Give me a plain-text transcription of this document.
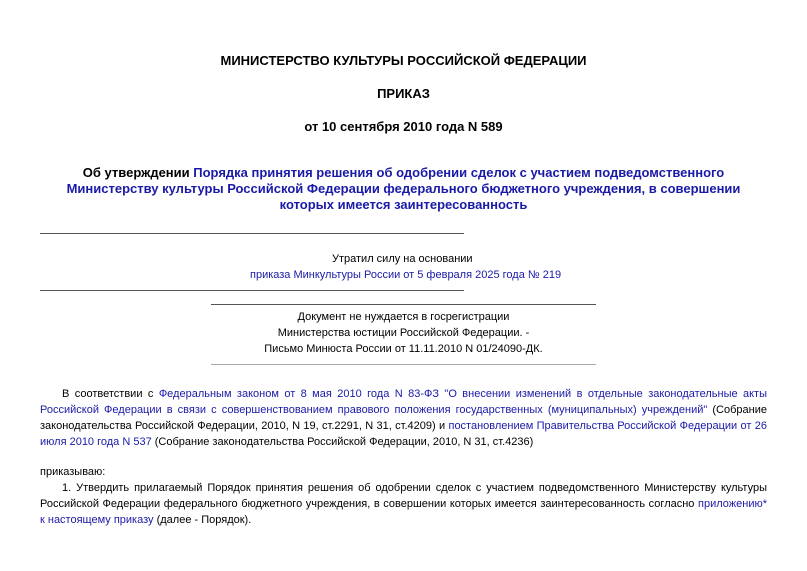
МИНИСТЕРСТВО КУЛЬТУРЫ РОССИЙСКОЙ ФЕДЕРАЦИИ
ПРИКАЗ
от 10 сентября 2010 года N 589
Об утверждении Порядка принятия решения об одобрении сделок с участием подведомственного Министерству культуры Российской Федерации федерального бюджетного учреждения, в совершении которых имеется заинтересованность
Утратил силу на основании
приказа Минкультуры России от 5 февраля 2025 года № 219
Документ не нуждается в госрегистрации
Министерства юстиции Российской Федерации. -
Письмо Минюста России от 11.11.2010 N 01/24090-ДК.
В соответствии с Федеральным законом от 8 мая 2010 года N 83-ФЗ "О внесении изменений в отдельные законодательные акты Российской Федерации в связи с совершенствованием правового положения государственных (муниципальных) учреждений" (Собрание законодательства Российской Федерации, 2010, N 19, ст.2291, N 31, ст.4209) и постановлением Правительства Российской Федерации от 26 июля 2010 года N 537 (Собрание законодательства Российской Федерации, 2010, N 31, ст.4236)
приказываю:
1. Утвердить прилагаемый Порядок принятия решения об одобрении сделок с участием подведомственного Министерству культуры Российской Федерации федерального бюджетного учреждения, в совершении которых имеется заинтересованность согласно приложению* к настоящему приказу (далее - Порядок).
